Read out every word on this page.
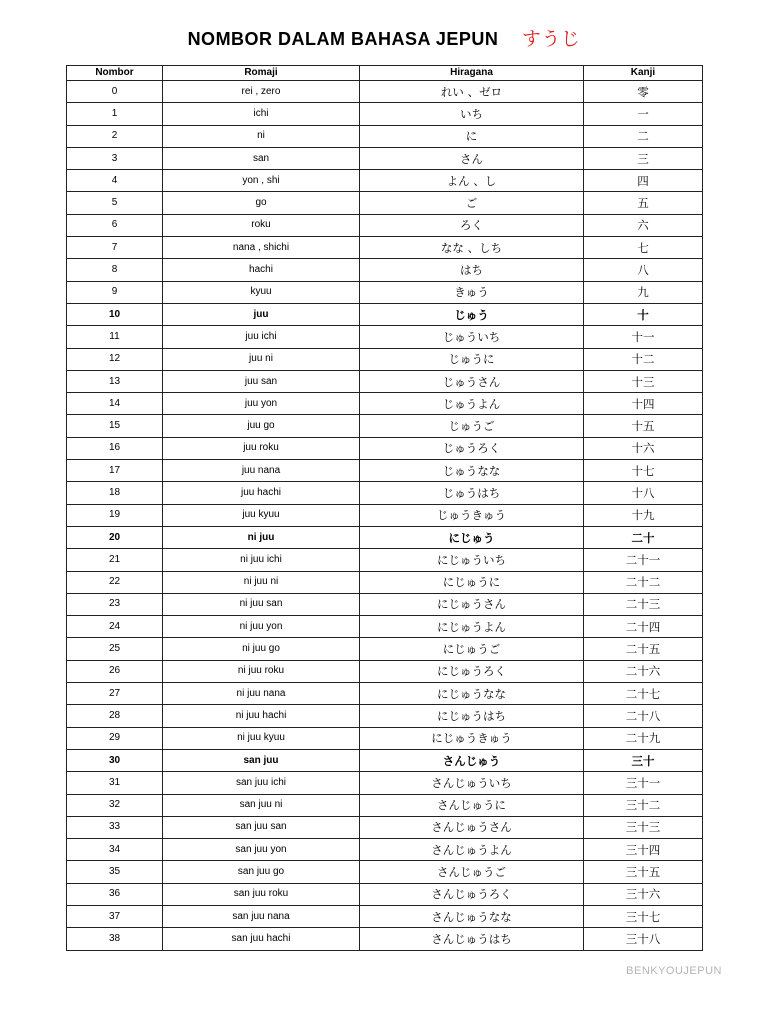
NOMBOR DALAM BAHASA JEPUN すうじ
Nombor	Romaji	Hiragana	Kanji
0	rei , zero	れい 、ゼロ	零
1	ichi	いち	一
2	ni	に	二
3	san	さん	三
4	yon , shi	よん 、し	四
5	go	ご	五
6	roku	ろく	六
7	nana , shichi	なな 、しち	七
8	hachi	はち	八
9	kyuu	きゅう	九
10	juu	じゅう	十
11	juu ichi	じゅういち	十一
12	juu ni	じゅうに	十二
13	juu san	じゅうさん	十三
14	juu yon	じゅうよん	十四
15	juu go	じゅうご	十五
16	juu roku	じゅうろく	十六
17	juu nana	じゅうなな	十七
18	juu hachi	じゅうはち	十八
19	juu kyuu	じゅうきゅう	十九
20	ni juu	にじゅう	二十
21	ni juu ichi	にじゅういち	二十一
22	ni juu ni	にじゅうに	二十二
23	ni juu san	にじゅうさん	二十三
24	ni juu yon	にじゅうよん	二十四
25	ni juu go	にじゅうご	二十五
26	ni juu roku	にじゅうろく	二十六
27	ni juu nana	にじゅうなな	二十七
28	ni juu hachi	にじゅうはち	二十八
29	ni juu kyuu	にじゅうきゅう	二十九
30	san juu	さんじゅう	三十
31	san juu ichi	さんじゅういち	三十一
32	san juu ni	さんじゅうに	三十二
33	san juu san	さんじゅうさん	三十三
34	san juu yon	さんじゅうよん	三十四
35	san juu go	さんじゅうご	三十五
36	san juu roku	さんじゅうろく	三十六
37	san juu nana	さんじゅうなな	三十七
38	san juu hachi	さんじゅうはち	三十八
BENKYOUJEPUN
